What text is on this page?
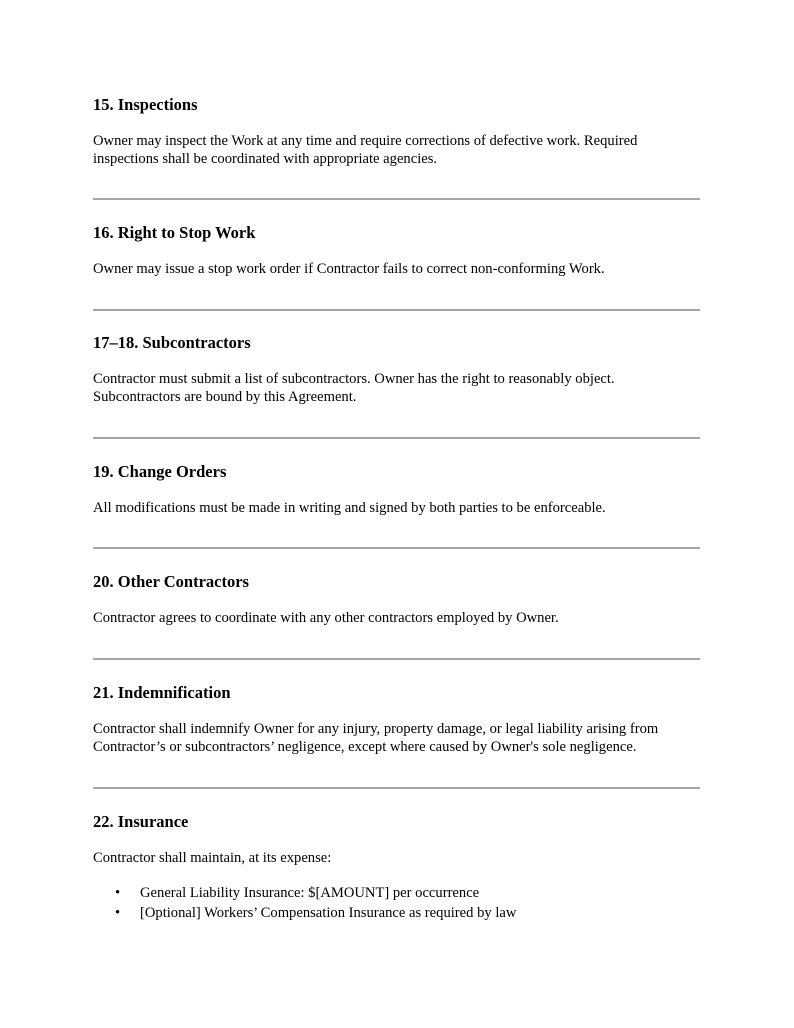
15. Inspections

Owner may inspect the Work at any time and require corrections of defective work. Required inspections shall be coordinated with appropriate agencies.

16. Right to Stop Work

Owner may issue a stop work order if Contractor fails to correct non-conforming Work.

17–18. Subcontractors

Contractor must submit a list of subcontractors. Owner has the right to reasonably object. Subcontractors are bound by this Agreement.

19. Change Orders

All modifications must be made in writing and signed by both parties to be enforceable.

20. Other Contractors

Contractor agrees to coordinate with any other contractors employed by Owner.

21. Indemnification

Contractor shall indemnify Owner for any injury, property damage, or legal liability arising from Contractor’s or subcontractors’ negligence, except where caused by Owner's sole negligence.

22. Insurance

Contractor shall maintain, at its expense:

• General Liability Insurance: $[AMOUNT] per occurrence
• [Optional] Workers’ Compensation Insurance as required by law
